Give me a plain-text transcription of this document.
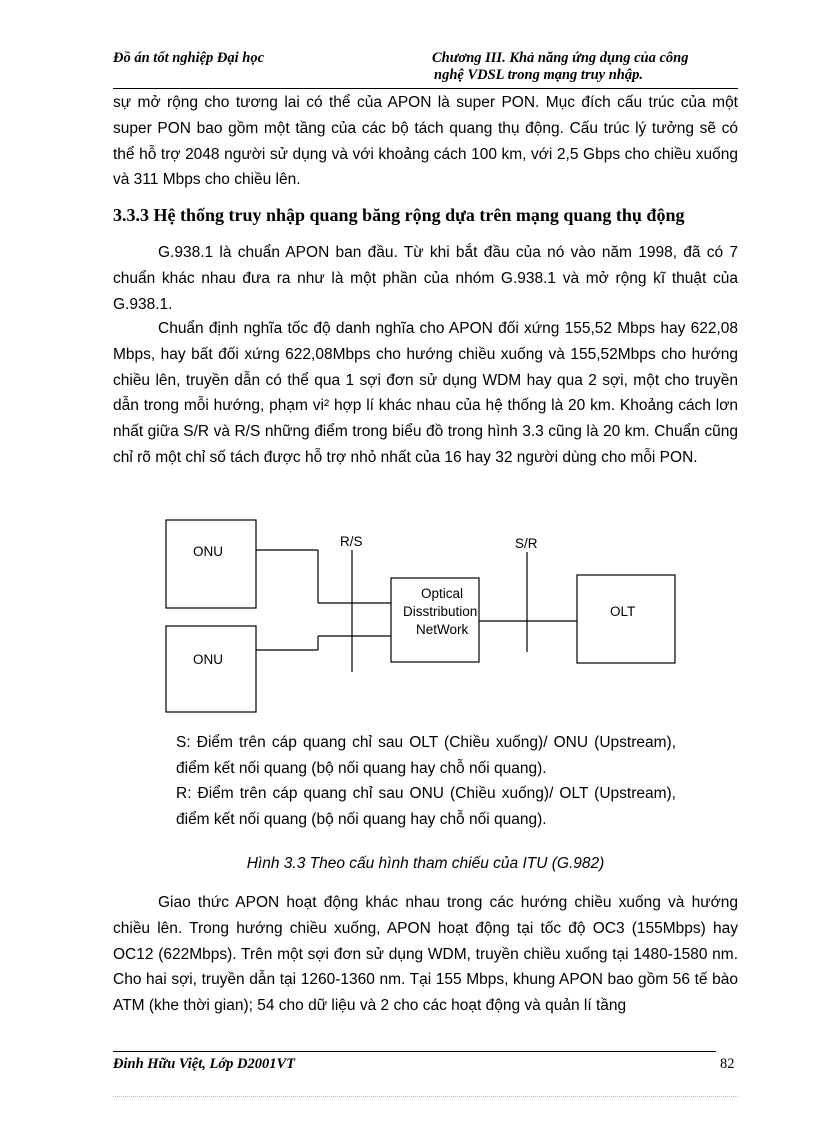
Đồ án tốt nghiệp Đại học	Chương III. Khả năng ứng dụng của công
nghệ VDSL trong mạng truy nhập.

sự mở rộng cho tương lai có thể của APON là super PON. Mục đích cấu trúc của một super PON bao gồm một tầng của các bộ tách quang thụ động. Cấu trúc lý tưởng sẽ có thể hỗ trợ 2048 người sử dụng và với khoảng cách 100 km, với 2,5 Gbps cho chiều xuống và 311 Mbps cho chiều lên.

3.3.3 Hệ thống truy nhập quang băng rộng dựa trên mạng quang thụ động

G.938.1 là chuẩn APON ban đầu. Từ khi bắt đầu của nó vào năm 1998, đã có 7 chuẩn khác nhau đưa ra như là một phần của nhóm G.938.1 và mở rộng kĩ thuật của G.938.1.

Chuẩn định nghĩa tốc độ danh nghĩa cho APON đối xứng 155,52 Mbps hay 622,08 Mbps, hay bất đối xứng 622,08Mbps cho hướng chiều xuống và 155,52Mbps cho hướng chiều lên, truyền dẫn có thể qua 1 sợi đơn sử dụng WDM hay qua 2 sợi, một cho truyền dẫn trong mỗi hướng, phạm vi² hợp lí khác nhau của hệ thống là 20 km. Khoảng cách lơn nhất giữa S/R và R/S những điểm trong biểu đồ trong hình 3.3 cũng là 20 km. Chuẩn cũng chỉ rõ một chỉ số tách được hỗ trợ nhỏ nhất của 16 hay 32 người dùng cho mỗi PON.

ONU
ONU
Optical
Disstribution
NetWork
OLT
R/S	S/R

S: Điểm trên cáp quang chỉ sau OLT (Chiều xuống)/ ONU (Upstream), điểm kết nối quang (bộ nối quang hay chỗ nối quang).

R: Điểm trên cáp quang chỉ sau ONU (Chiều xuống)/ OLT (Upstream), điểm kết nối quang (bộ nối quang hay chỗ nối quang).

Hình 3.3 Theo cấu hình tham chiếu của ITU (G.982)

Giao thức APON hoạt động khác nhau trong các hướng chiều xuống và hướng chiều lên. Trong hướng chiều xuống, APON hoạt động tại tốc độ OC3 (155Mbps) hay OC12 (622Mbps). Trên một sợi đơn sử dụng WDM, truyền chiều xuống tại 1480-1580 nm. Cho hai sợi, truyền dẫn tại 1260-1360 nm. Tại 155 Mbps, khung APON bao gồm 56 tế bào ATM (khe thời gian); 54 cho dữ liệu và 2 cho các hoạt động và quản lí tầng

Đinh Hữu Việt, Lớp D2001VT	82
